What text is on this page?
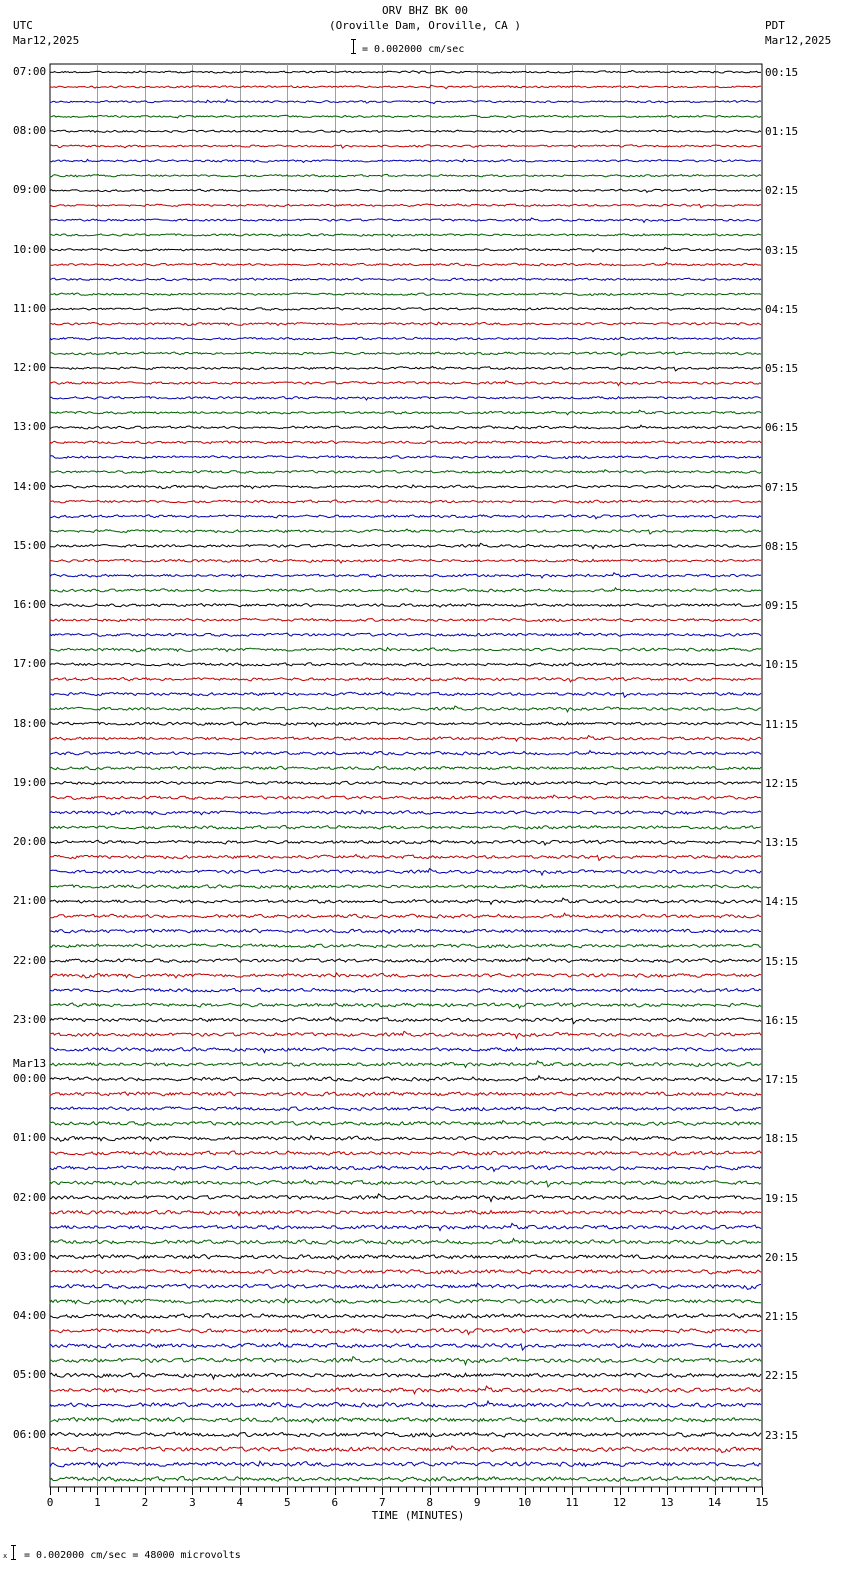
ORV BHZ BK 00
(Oroville Dam, Oroville, CA )
= 0.002000 cm/sec
UTC
Mar12,2025
PDT
Mar12,2025
07:00
08:00
09:00
10:00
11:00
12:00
13:00
14:00
15:00
16:00
17:00
18:00
19:00
20:00
21:00
22:00
23:00
00:00
Mar13
01:00
02:00
03:00
04:00
05:00
06:00
00:15
01:15
02:15
03:15
04:15
05:15
06:15
07:15
08:15
09:15
10:15
11:15
12:15
13:15
14:15
15:15
16:15
17:15
18:15
19:15
20:15
21:15
22:15
23:15
0	1	2	3	4	5	6	7	8	9	10	11	12	13	14	15
TIME (MINUTES)
x = 0.002000 cm/sec = 48000 microvolts
